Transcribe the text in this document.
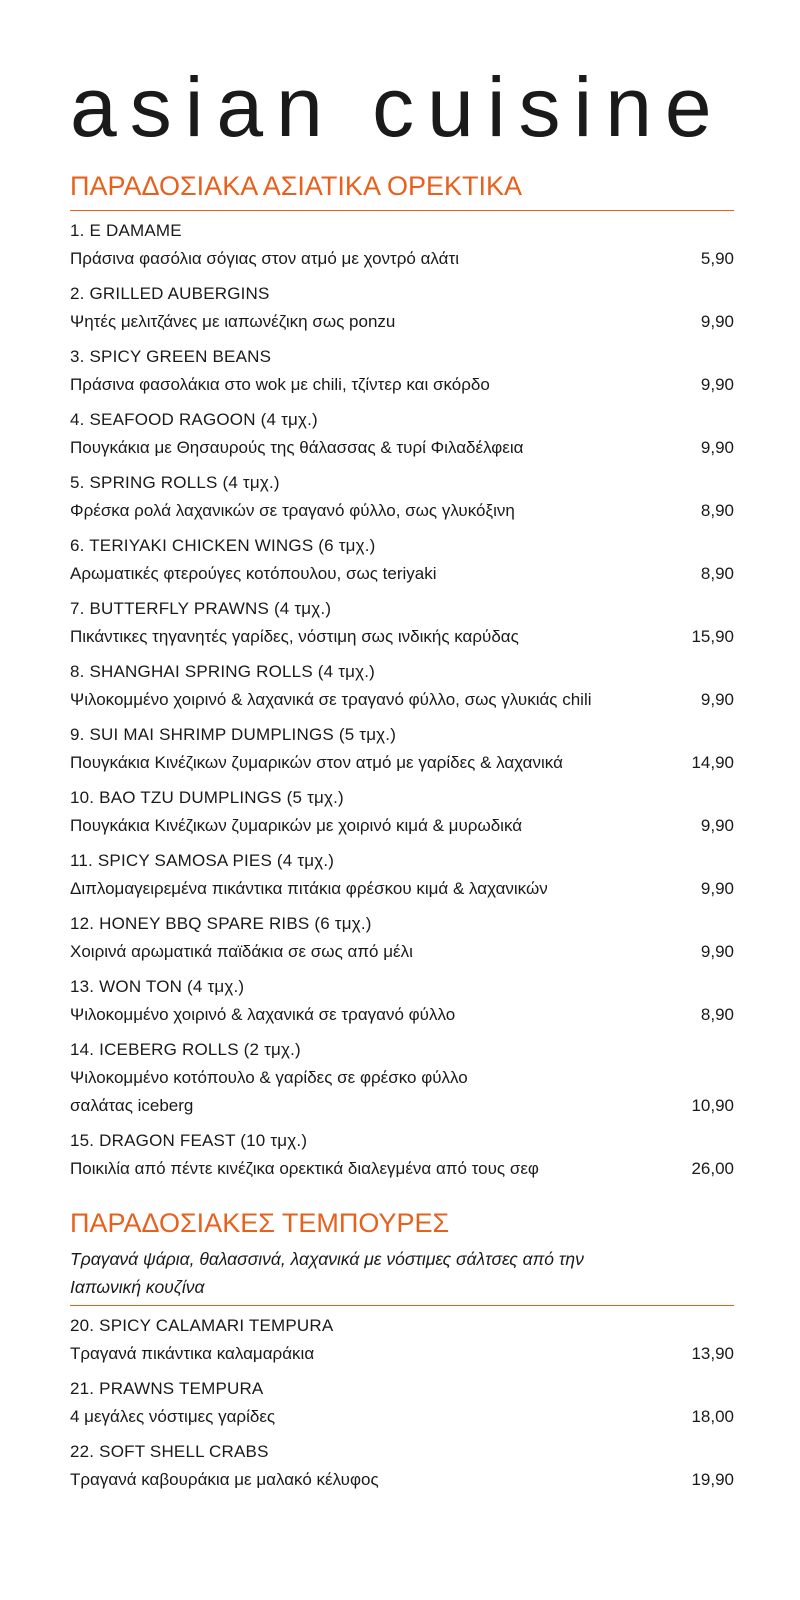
asian cuisine
ΠΑΡΑΔΟΣΙΑΚΑ ΑΣΙΑΤΙΚΑ ΟΡΕΚΤΙΚΑ
1. E DAMAME
Πράσινα φασόλια σόγιας στον ατμό με χοντρό αλάτι	5,90
2. GRILLED AUBERGINS
Ψητές μελιτζάνες με ιαπωνέζικη σως ponzu	9,90
3. SPICY GREEN BEANS
Πράσινα φασολάκια στο wok με chili, τζίντερ και σκόρδο	9,90
4. SEAFOOD RAGOON (4 τμχ.)
Πουγκάκια με Θησαυρούς της θάλασσας & τυρί Φιλαδέλφεια	9,90
5. SPRING ROLLS (4 τμχ.)
Φρέσκα ρολά λαχανικών σε τραγανό φύλλο, σως γλυκόξινη	8,90
6. TERIYAKI CHICKEN WINGS (6 τμχ.)
Αρωματικές φτερούγες κοτόπουλου, σως teriyaki	8,90
7. BUTTERFLY PRAWNS (4 τμχ.)
Πικάντικες τηγανητές γαρίδες, νόστιμη σως ινδικής καρύδας	15,90
8. SHANGHAI SPRING ROLLS (4 τμχ.)
Ψιλοκομμένο χοιρινό & λαχανικά σε τραγανό φύλλο, σως γλυκιάς chili	9,90
9. SUI MAI SHRIMP DUMPLINGS (5 τμχ.)
Πουγκάκια Κινέζικων ζυμαρικών στον ατμό με γαρίδες & λαχανικά	14,90
10. BAO TZU DUMPLINGS (5 τμχ.)
Πουγκάκια Κινέζικων ζυμαρικών με χοιρινό κιμά & μυρωδικά	9,90
11. SPICY SAMOSA PIES (4 τμχ.)
Διπλομαγειρεμένα πικάντικα πιτάκια φρέσκου κιμά & λαχανικών	9,90
12. HONEY BBQ SPARE RIBS (6 τμχ.)
Χοιρινά αρωματικά παϊδάκια σε σως από μέλι	9,90
13. WON TON (4 τμχ.)
Ψιλοκομμένο χοιρινό & λαχανικά σε τραγανό φύλλο	8,90
14. ICEBERG ROLLS (2 τμχ.)
Ψιλοκομμένο κοτόπουλο & γαρίδες σε φρέσκο φύλλο σαλάτας iceberg	10,90
15. DRAGON FEAST (10 τμχ.)
Ποικιλία από πέντε κινέζικα ορεκτικά διαλεγμένα από τους σεφ	26,00
ΠΑΡΑΔΟΣΙΑΚΕΣ ΤΕΜΠΟΥΡΕΣ

Τραγανά ψάρια, θαλασσινά, λαχανικά με νόστιμες σάλτσες από την Ιαπωνική κουζίνα

20. SPICY CALAMARI TEMPURA
Τραγανά πικάντικα καλαμαράκια	13,90
21. PRAWNS TEMPURA
4 μεγάλες νόστιμες γαρίδες	18,00
22. SOFT SHELL CRABS
Τραγανά καβουράκια με μαλακό κέλυφος	19,90
